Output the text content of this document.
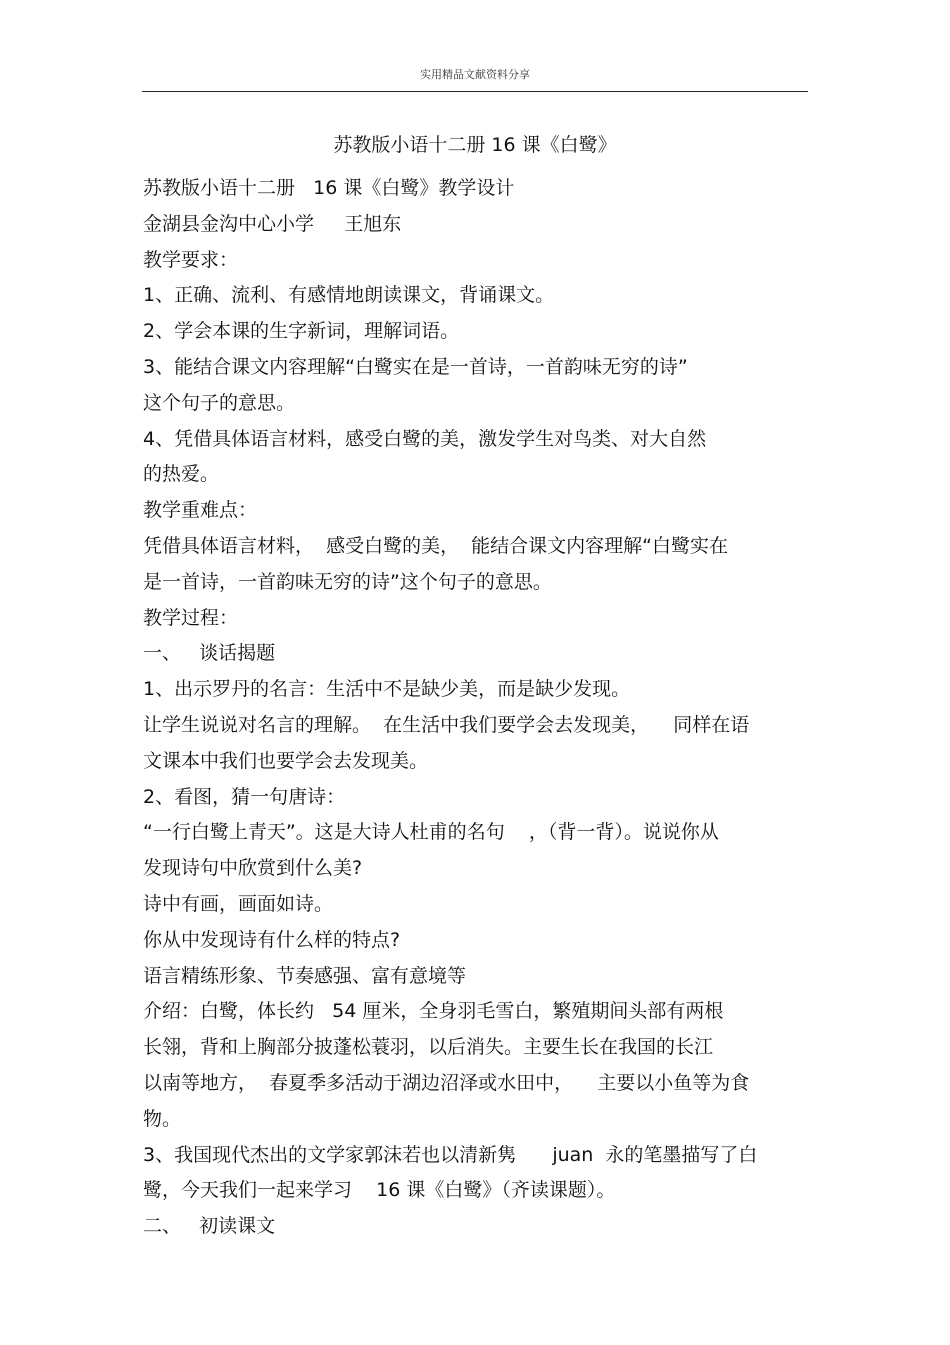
实用精品文献资料分享
苏教版小语十二册 16 课《白鹭》
苏教版小语十二册   16 课《白鹭》教学设计
金湖县金沟中心小学     王旭东
教学要求：
1、正确、流利、有感情地朗读课文，背诵课文。
2、学会本课的生字新词，理解词语。
3、能结合课文内容理解“白鹭实在是一首诗，一首韵味无穷的诗”
这个句子的意思。
4、凭借具体语言材料，感受白鹭的美，激发学生对鸟类、对大自然
的热爱。
教学重难点：
凭借具体语言材料，  感受白鹭的美，  能结合课文内容理解“白鹭实在
是一首诗，一首韵味无穷的诗”这个句子的意思。
教学过程：
一、   谈话揭题
1、出示罗丹的名言：生活中不是缺少美，而是缺少发现。
让学生说说对名言的理解。  在生活中我们要学会去发现美，    同样在语
文课本中我们也要学会去发现美。
2、看图，猜一句唐诗：
“一行白鹭上青天”。这是大诗人杜甫的名句    ，（背一背）。说说你从
发现诗句中欣赏到什么美?
诗中有画，画面如诗。
你从中发现诗有什么样的特点?
语言精练形象、节奏感强、富有意境等
介绍：白鹭，体长约   54 厘米，全身羽毛雪白，繁殖期间头部有两根
长翎，背和上胸部分披蓬松蓑羽，以后消失。主要生长在我国的长江
以南等地方，  春夏季多活动于湖边沼泽或水田中，    主要以小鱼等为食
物。
3、我国现代杰出的文学家郭沫若也以清新隽      juan  永的笔墨描写了白
鹭，今天我们一起来学习    16 课《白鹭》（齐读课题）。
二、   初读课文
